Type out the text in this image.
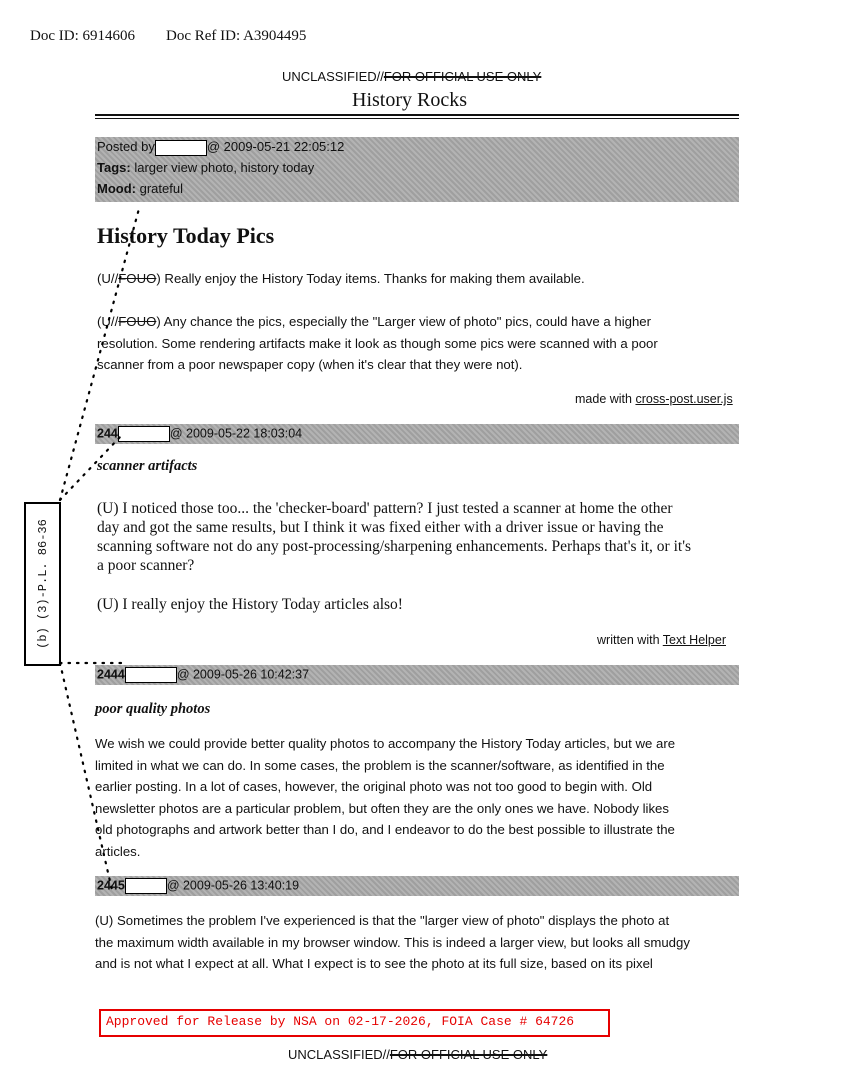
Doc ID: 6914606 Doc Ref ID: A3904495
UNCLASSIFIED//FOR OFFICIAL USE ONLY
History Rocks
Posted by	@ 2009-05-21 22:05:12
Tags: larger view photo, history today
Mood: grateful
History Today Pics
(U//FOUO) Really enjoy the History Today items. Thanks for making them available.
(U//FOUO) Any chance the pics, especially the "Larger view of photo" pics, could have a higher
resolution. Some rendering artifacts make it look as though some pics were scanned with a poor
scanner from a poor newspaper copy (when it's clear that they were not).
made with cross-post.user.js
244	@ 2009-05-22 18:03:04
scanner artifacts
(U) I noticed those too... the 'checker-board' pattern? I just tested a scanner at home the other
day and got the same results, but I think it was fixed either with a driver issue or having the
scanning software not do any post-processing/sharpening enhancements. Perhaps that's it, or it's
a poor scanner?
(U) I really enjoy the History Today articles also!
written with Text Helper
2444	@ 2009-05-26 10:42:37
poor quality photos
We wish we could provide better quality photos to accompany the History Today articles, but we are
limited in what we can do. In some cases, the problem is the scanner/software, as identified in the
earlier posting. In a lot of cases, however, the original photo was not too good to begin with. Old
newsletter photos are a particular problem, but often they are the only ones we have. Nobody likes
old photographs and artwork better than I do, and I endeavor to do the best possible to illustrate the
articles.
2445	@ 2009-05-26 13:40:19
(U) Sometimes the problem I've experienced is that the "larger view of photo" displays the photo at
the maximum width available in my browser window. This is indeed a larger view, but looks all smudgy
and is not what I expect at all. What I expect is to see the photo at its full size, based on its pixel
(b) (3)-P.L. 86-36
Approved for Release by NSA on 02-17-2026, FOIA Case # 64726
UNCLASSIFIED//FOR OFFICIAL USE ONLY
